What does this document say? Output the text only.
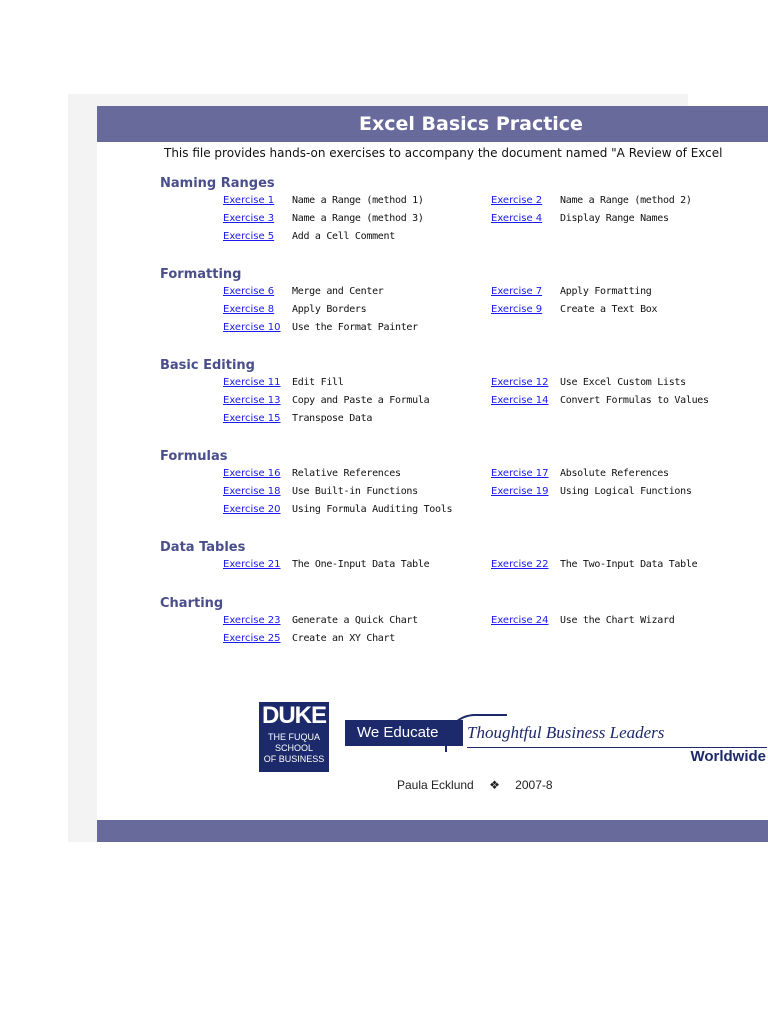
Excel Basics Practice
This file provides hands-on exercises to accompany the document named "A Review of Excel
Naming Ranges
Exercise 1 Name a Range (method 1)	Exercise 2 Name a Range (method 2)
Exercise 3 Name a Range (method 3)	Exercise 4 Display Range Names
Exercise 5 Add a Cell Comment
Formatting
Exercise 6 Merge and Center	Exercise 7 Apply Formatting
Exercise 8 Apply Borders	Exercise 9 Create a Text Box
Exercise 10 Use the Format Painter
Basic Editing
Exercise 11 Edit Fill	Exercise 12 Use Excel Custom Lists
Exercise 13 Copy and Paste a Formula	Exercise 14 Convert Formulas to Values
Exercise 15 Transpose Data
Formulas
Exercise 16 Relative References	Exercise 17 Absolute References
Exercise 18 Use Built-in Functions	Exercise 19 Using Logical Functions
Exercise 20 Using Formula Auditing Tools
Data Tables
Exercise 21 The One-Input Data Table	Exercise 22 The Two-Input Data Table
Charting
Exercise 23 Generate a Quick Chart	Exercise 24 Use the Chart Wizard
Exercise 25 Create an XY Chart
DUKE
THE FUQUA
SCHOOL
OF BUSINESS
We Educate	Thoughtful Business Leaders
Worldwide
Paula Ecklund ❖ 2007-8
